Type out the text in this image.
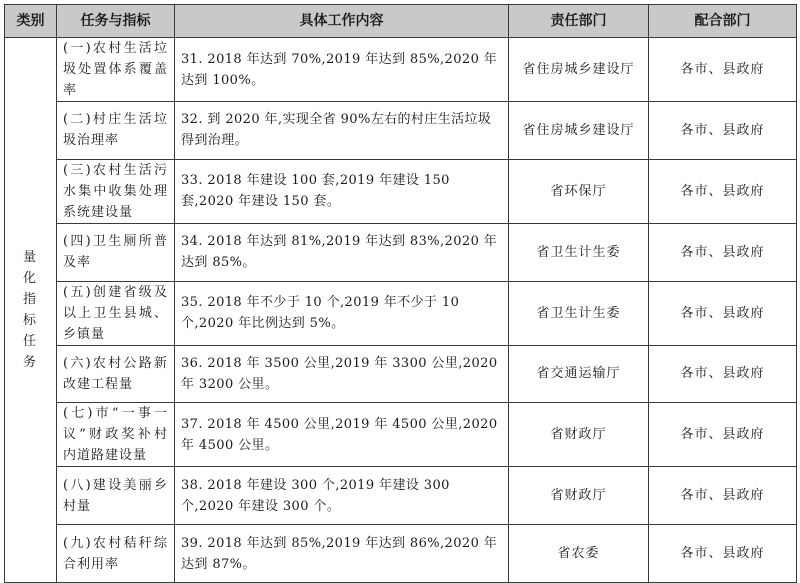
类别	任务与指标	具体工作内容	责任部门	配合部门
量化指标任务	(一)农村生活垃圾处置体系覆盖率	31. 2018 年达到 70%,2019 年达到 85%,2020 年达到 100%。	省住房城乡建设厅	各市、县政府
	(二)村庄生活垃圾治理率	32. 到 2020 年,实现全省 90%左右的村庄生活垃圾得到治理。	省住房城乡建设厅	各市、县政府
	(三)农村生活污水集中收集处理系统建设量	33. 2018 年建设 100 套,2019 年建设 150 套,2020 年建设 150 套。	省环保厅	各市、县政府
	(四)卫生厕所普及率	34. 2018 年达到 81%,2019 年达到 83%,2020 年达到 85%。	省卫生计生委	各市、县政府
	(五)创建省级及以上卫生县城、乡镇量	35. 2018 年不少于 10 个,2019 年不少于 10 个,2020 年比例达到 5%。	省卫生计生委	各市、县政府
	(六)农村公路新改建工程量	36. 2018 年 3500 公里,2019 年 3300 公里,2020 年 3200 公里。	省交通运输厅	各市、县政府
	(七)市“一事一议”财政奖补村内道路建设量	37. 2018 年 4500 公里,2019 年 4500 公里,2020 年 4500 公里。	省财政厅	各市、县政府
	(八)建设美丽乡村量	38. 2018 年建设 300 个,2019 年建设 300 个,2020 年建设 300 个。	省财政厅	各市、县政府
	(九)农村秸秆综合利用率	39. 2018 年达到 85%,2019 年达到 86%,2020 年达到 87%。	省农委	各市、县政府
